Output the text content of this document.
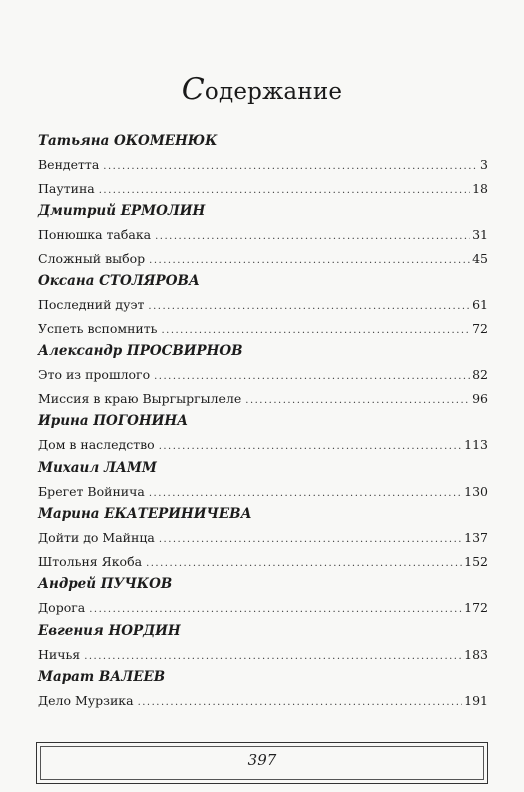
Содержание
Татьяна ОКОМЕНЮК
Вендетта .....	3
Паутина .....	18
Дмитрий ЕРМОЛИН
Понюшка табака .....	31
Сложный выбор .....	45
Оксана СТОЛЯРОВА
Последний дуэт .....	61
Успеть вспомнить .....	72
Александр ПРОСВИРНОВ
Это из прошлого .....	82
Миссия в краю Выргыргылеле .....	96
Ирина ПОГОНИНА
Дом в наследство .....	113
Михаил ЛАММ
Брегет Войнича .....	130
Марина ЕКАТЕРИНИЧЕВА
Дойти до Майнца .....	137
Штольня Якоба .....	152
Андрей ПУЧКОВ
Дорога .....	172
Евгения НОРДИН
Ничья .....	183
Марат ВАЛЕЕВ
Дело Мурзика .....	191
397
